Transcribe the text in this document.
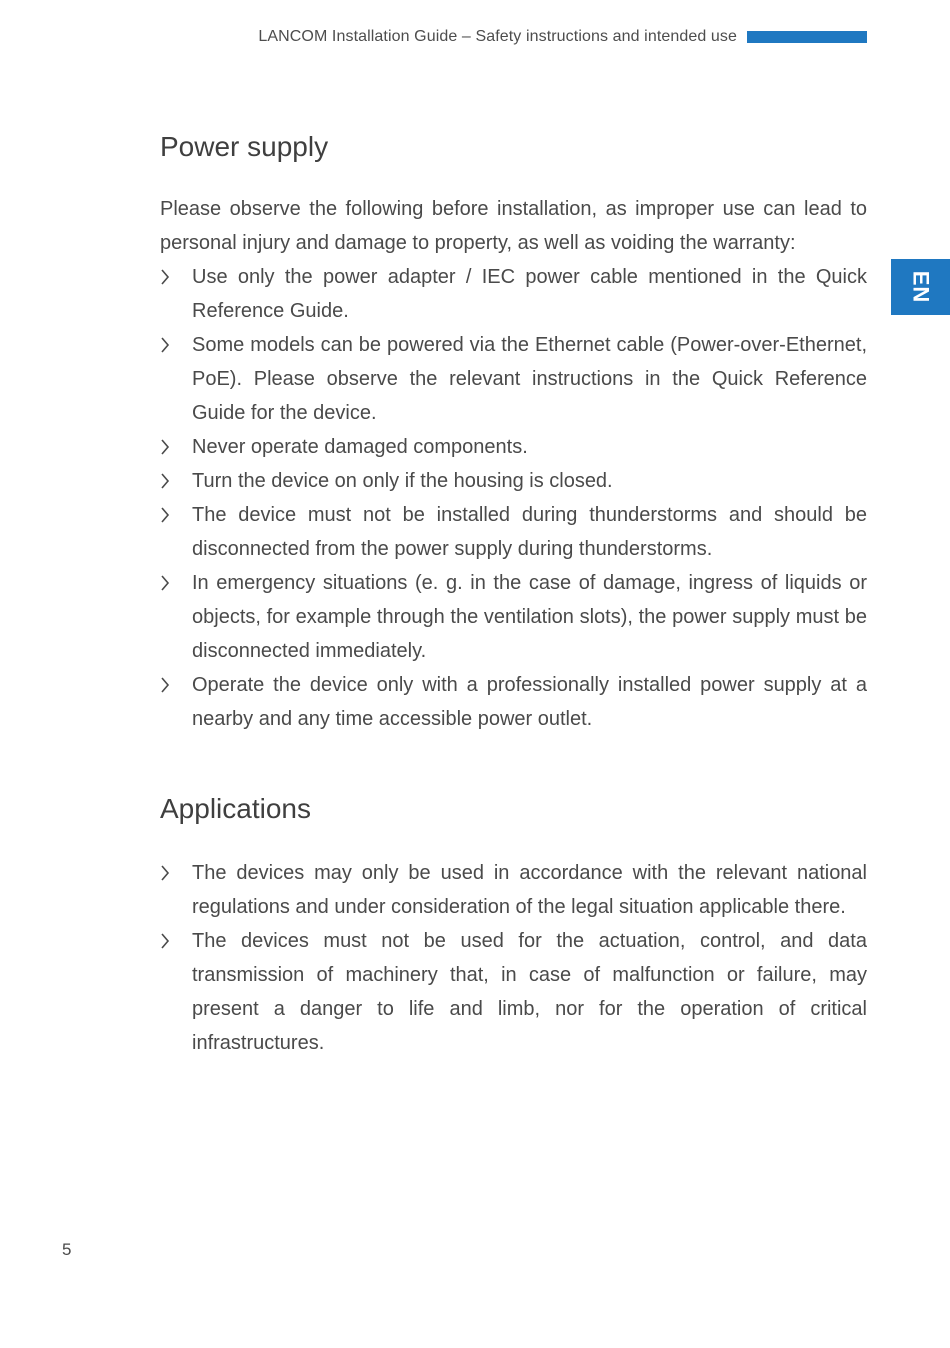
LANCOM Installation Guide – Safety instructions and intended use
EN
Power supply

Please observe the following before installation, as improper use can lead to personal injury and damage to property, as well as voiding the warranty:

Use only the power adapter / IEC power cable mentioned in the Quick Reference Guide.
Some models can be powered via the Ethernet cable (Power-over-Ethernet, PoE). Please observe the relevant instructions in the Quick Reference Guide for the device.
Never operate damaged components.
Turn the device on only if the housing is closed.
The device must not be installed during thunderstorms and should be disconnected from the power supply during thunderstorms.
In emergency situations (e. g. in the case of damage, ingress of liquids or objects, for example through the ventilation slots), the power supply must be disconnected immediately.
Operate the device only with a professionally installed power supply at a nearby and any time accessible power outlet.
Applications
The devices may only be used in accordance with the relevant national regulations and under consideration of the legal situation applicable there.
The devices must not be used for the actuation, control, and data transmission of machinery that, in case of malfunction or failure, may present a danger to life and limb, nor for the operation of critical infrastructures.
5
